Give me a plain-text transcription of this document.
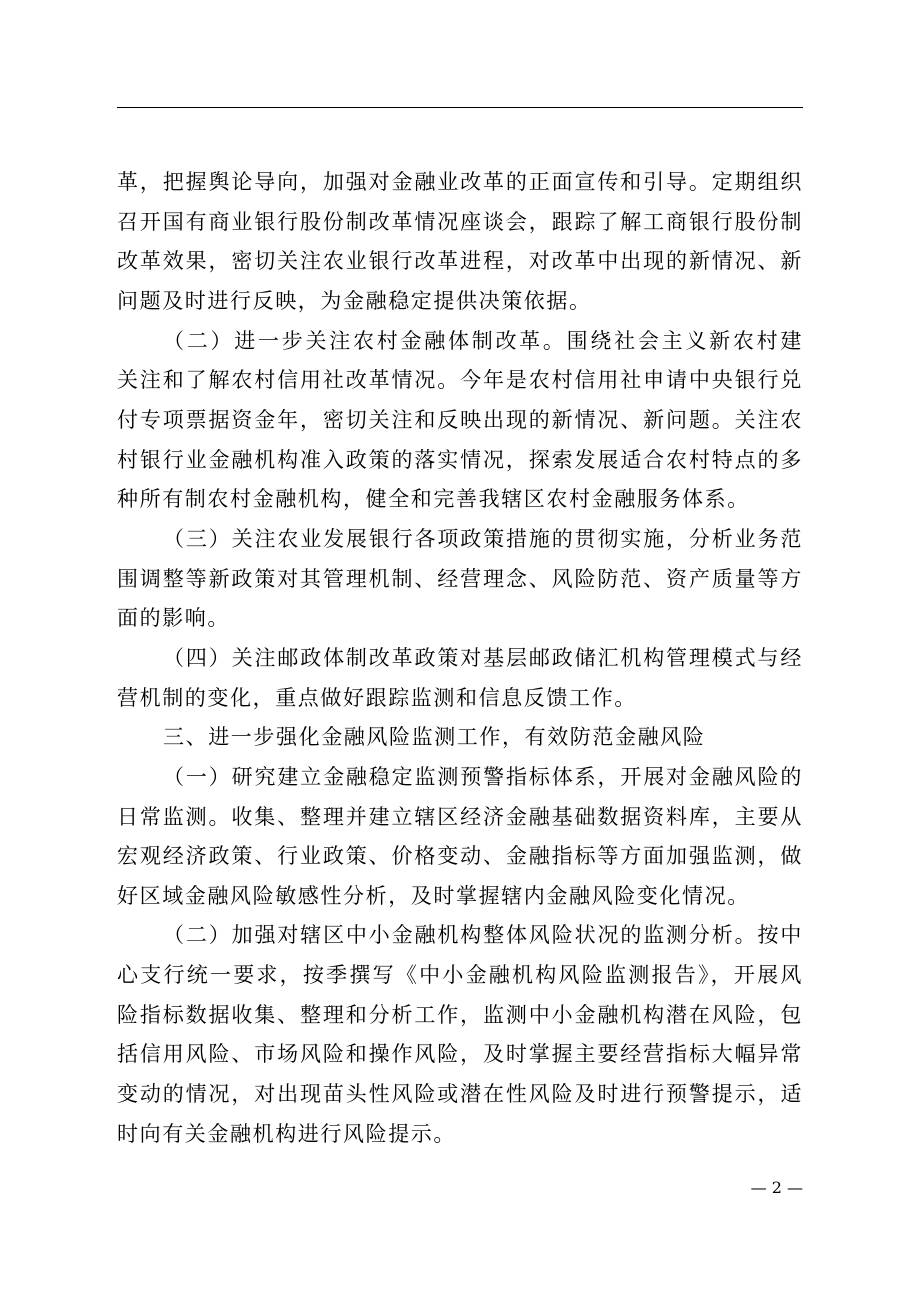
革，把握舆论导向，加强对金融业改革的正面宣传和引导。定期组织
召开国有商业银行股份制改革情况座谈会，跟踪了解工商银行股份制
改革效果，密切关注农业银行改革进程，对改革中出现的新情况、新
问题及时进行反映，为金融稳定提供决策依据。
（二）进一步关注农村金融体制改革。围绕社会主义新农村建
关注和了解农村信用社改革情况。今年是农村信用社申请中央银行兑
付专项票据资金年，密切关注和反映出现的新情况、新问题。关注农
村银行业金融机构准入政策的落实情况，探索发展适合农村特点的多
种所有制农村金融机构，健全和完善我辖区农村金融服务体系。
（三）关注农业发展银行各项政策措施的贯彻实施，分析业务范
围调整等新政策对其管理机制、经营理念、风险防范、资产质量等方
面的影响。
（四）关注邮政体制改革政策对基层邮政储汇机构管理模式与经
营机制的变化，重点做好跟踪监测和信息反馈工作。
三、进一步强化金融风险监测工作，有效防范金融风险
（一）研究建立金融稳定监测预警指标体系，开展对金融风险的
日常监测。收集、整理并建立辖区经济金融基础数据资料库，主要从
宏观经济政策、行业政策、价格变动、金融指标等方面加强监测，做
好区域金融风险敏感性分析，及时掌握辖内金融风险变化情况。
（二）加强对辖区中小金融机构整体风险状况的监测分析。按中
心支行统一要求，按季撰写《中小金融机构风险监测报告》，开展风
险指标数据收集、整理和分析工作，监测中小金融机构潜在风险，包
括信用风险、市场风险和操作风险，及时掌握主要经营指标大幅异常
变动的情况，对出现苗头性风险或潜在性风险及时进行预警提示，适
时向有关金融机构进行风险提示。
— 2 —
